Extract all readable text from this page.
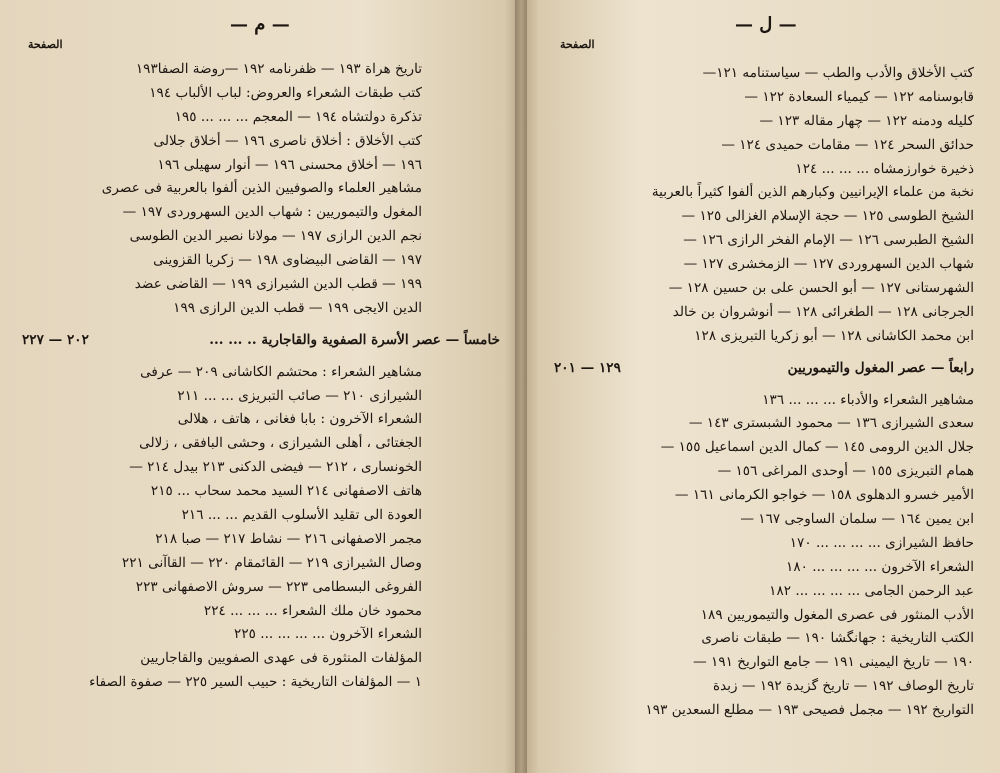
— م —
الصفحة
تاريخ هراة ١٩٣ — ظفرنامه ١٩٢ —روضة الصفا١٩٣
كتب طبقات الشعراء والعروض: لباب الألباب ١٩٤
تذكرة دولتشاه ١٩٤ — المعجم ... ... ... ١٩٥
كتب الأخلاق : أخلاق ناصرى ١٩٦ — أخلاق جلالى
١٩٦ — أخلاق محسنى ١٩٦ — أنوار سهيلى ١٩٦
مشاهير العلماء والصوفيين الذين ألفوا بالعربية فى عصرى
المغول والتيموريين : شهاب الدين السهروردى ١٩٧ —
نجم الدين الرازى ١٩٧ — مولانا نصير الدين الطوسى
١٩٧ — القاضى البيضاوى ١٩٨ — زكريا القزوينى
١٩٩ — قطب الدين الشيرازى ١٩٩ — القاضى عضد
الدين الايجى ١٩٩ — قطب الدين الرازى ١٩٩
خامساً — عصر الأسرة الصفوية والقاجارية .. ... ...
٢٠٢ — ٢٢٧
مشاهير الشعراء : محتشم الكاشانى ٢٠٩ — عرفى
الشيرازى ٢١٠ — صائب التبريزى ... ... ٢١١
الشعراء الآخرون : بابا فغانى ، هاتف ، هلالى
الجغتائى ، أهلى الشيرازى ، وحشى البافقى ، زلالى
الخونسارى ، ٢١٢ — فيضى الدكنى ٢١٣ بيدل ٢١٤ —
هاتف الاصفهانى ٢١٤ السيد محمد سحاب ... ٢١٥
العودة الى تقليد الأسلوب القديم ... ... ٢١٦
مجمر الاصفهانى ٢١٦ — نشاط ٢١٧ — صبا ٢١٨
وصال الشيرازى ٢١٩ — القائمقام ٢٢٠ — القاآنى ٢٢١
الفروغى البسطامى ٢٢٣ — سروش الاصفهانى ٢٢٣
محمود خان ملك الشعراء ... ... ... ٢٢٤
الشعراء الآخرون ... ... ... ... ٢٢٥
المؤلفات المنثورة فى عهدى الصفويين والقاجاريين
١ — المؤلفات التاريخية : حبيب السير ٢٢٥ — صفوة الصفاء
— ل —
الصفحة
كتب الأخلاق والأدب والطب — سياستنامه ١٢١—
قابوسنامه ١٢٢ — كيمياء السعادة ١٢٢ —
كليله ودمنه ١٢٢ — چهار مقاله ١٢٣ —
حدائق السحر ١٢٤ — مقامات حميدى ١٢٤ —
ذخيرة خوارزمشاه ... ... ... ١٢٤
نخبة من علماء الإيرانيين وكبارهم الذين ألفوا كثيراً بالعربية
الشيخ الطوسى ١٢٥ — حجة الإسلام الغزالى ١٢٥ —
الشيخ الطبرسى ١٢٦ — الإمام الفخر الرازى ١٢٦ —
شهاب الدين السهروردى ١٢٧ — الزمخشرى ١٢٧ —
الشهرستانى ١٢٧ — أبو الحسن على بن حسين ١٢٨ —
الجرجانى ١٢٨ — الطغرائى ١٢٨ — أنوشروان بن خالد
ابن محمد الكاشانى ١٢٨ — أبو زكريا التبريزى ١٢٨
رابعاً — عصر المغول والتيموريين
١٢٩ — ٢٠١
مشاهير الشعراء والأدباء ... ... ... ١٣٦
سعدى الشيرازى ١٣٦ — محمود الشبسترى ١٤٣ —
جلال الدين الرومى ١٤٥ — كمال الدين اسماعيل ١٥٥ —
همام التبريزى ١٥٥ — أوحدى المراغى ١٥٦ —
الأمير خسرو الدهلوى ١٥٨ — خواجو الكرمانى ١٦١ —
ابن يمين ١٦٤ — سلمان الساوجى ١٦٧ —
حافظ الشيرازى ... ... ... ... ١٧٠
الشعراء الآخرون ... ... ... ... ١٨٠
عبد الرحمن الجامى ... ... ... ... ١٨٢
الأدب المنثور فى عصرى المغول والتيموريين ١٨٩
الكتب التاريخية : جهانگشا ١٩٠ — طبقات ناصرى
١٩٠ — تاريخ اليمينى ١٩١ — جامع التواريخ ١٩١ —
تاريخ الوصاف ١٩٢ — تاريخ گزيدة ١٩٢ — زبدة
التواريخ ١٩٢ — مجمل فصيحى ١٩٣ — مطلع السعدين ١٩٣
